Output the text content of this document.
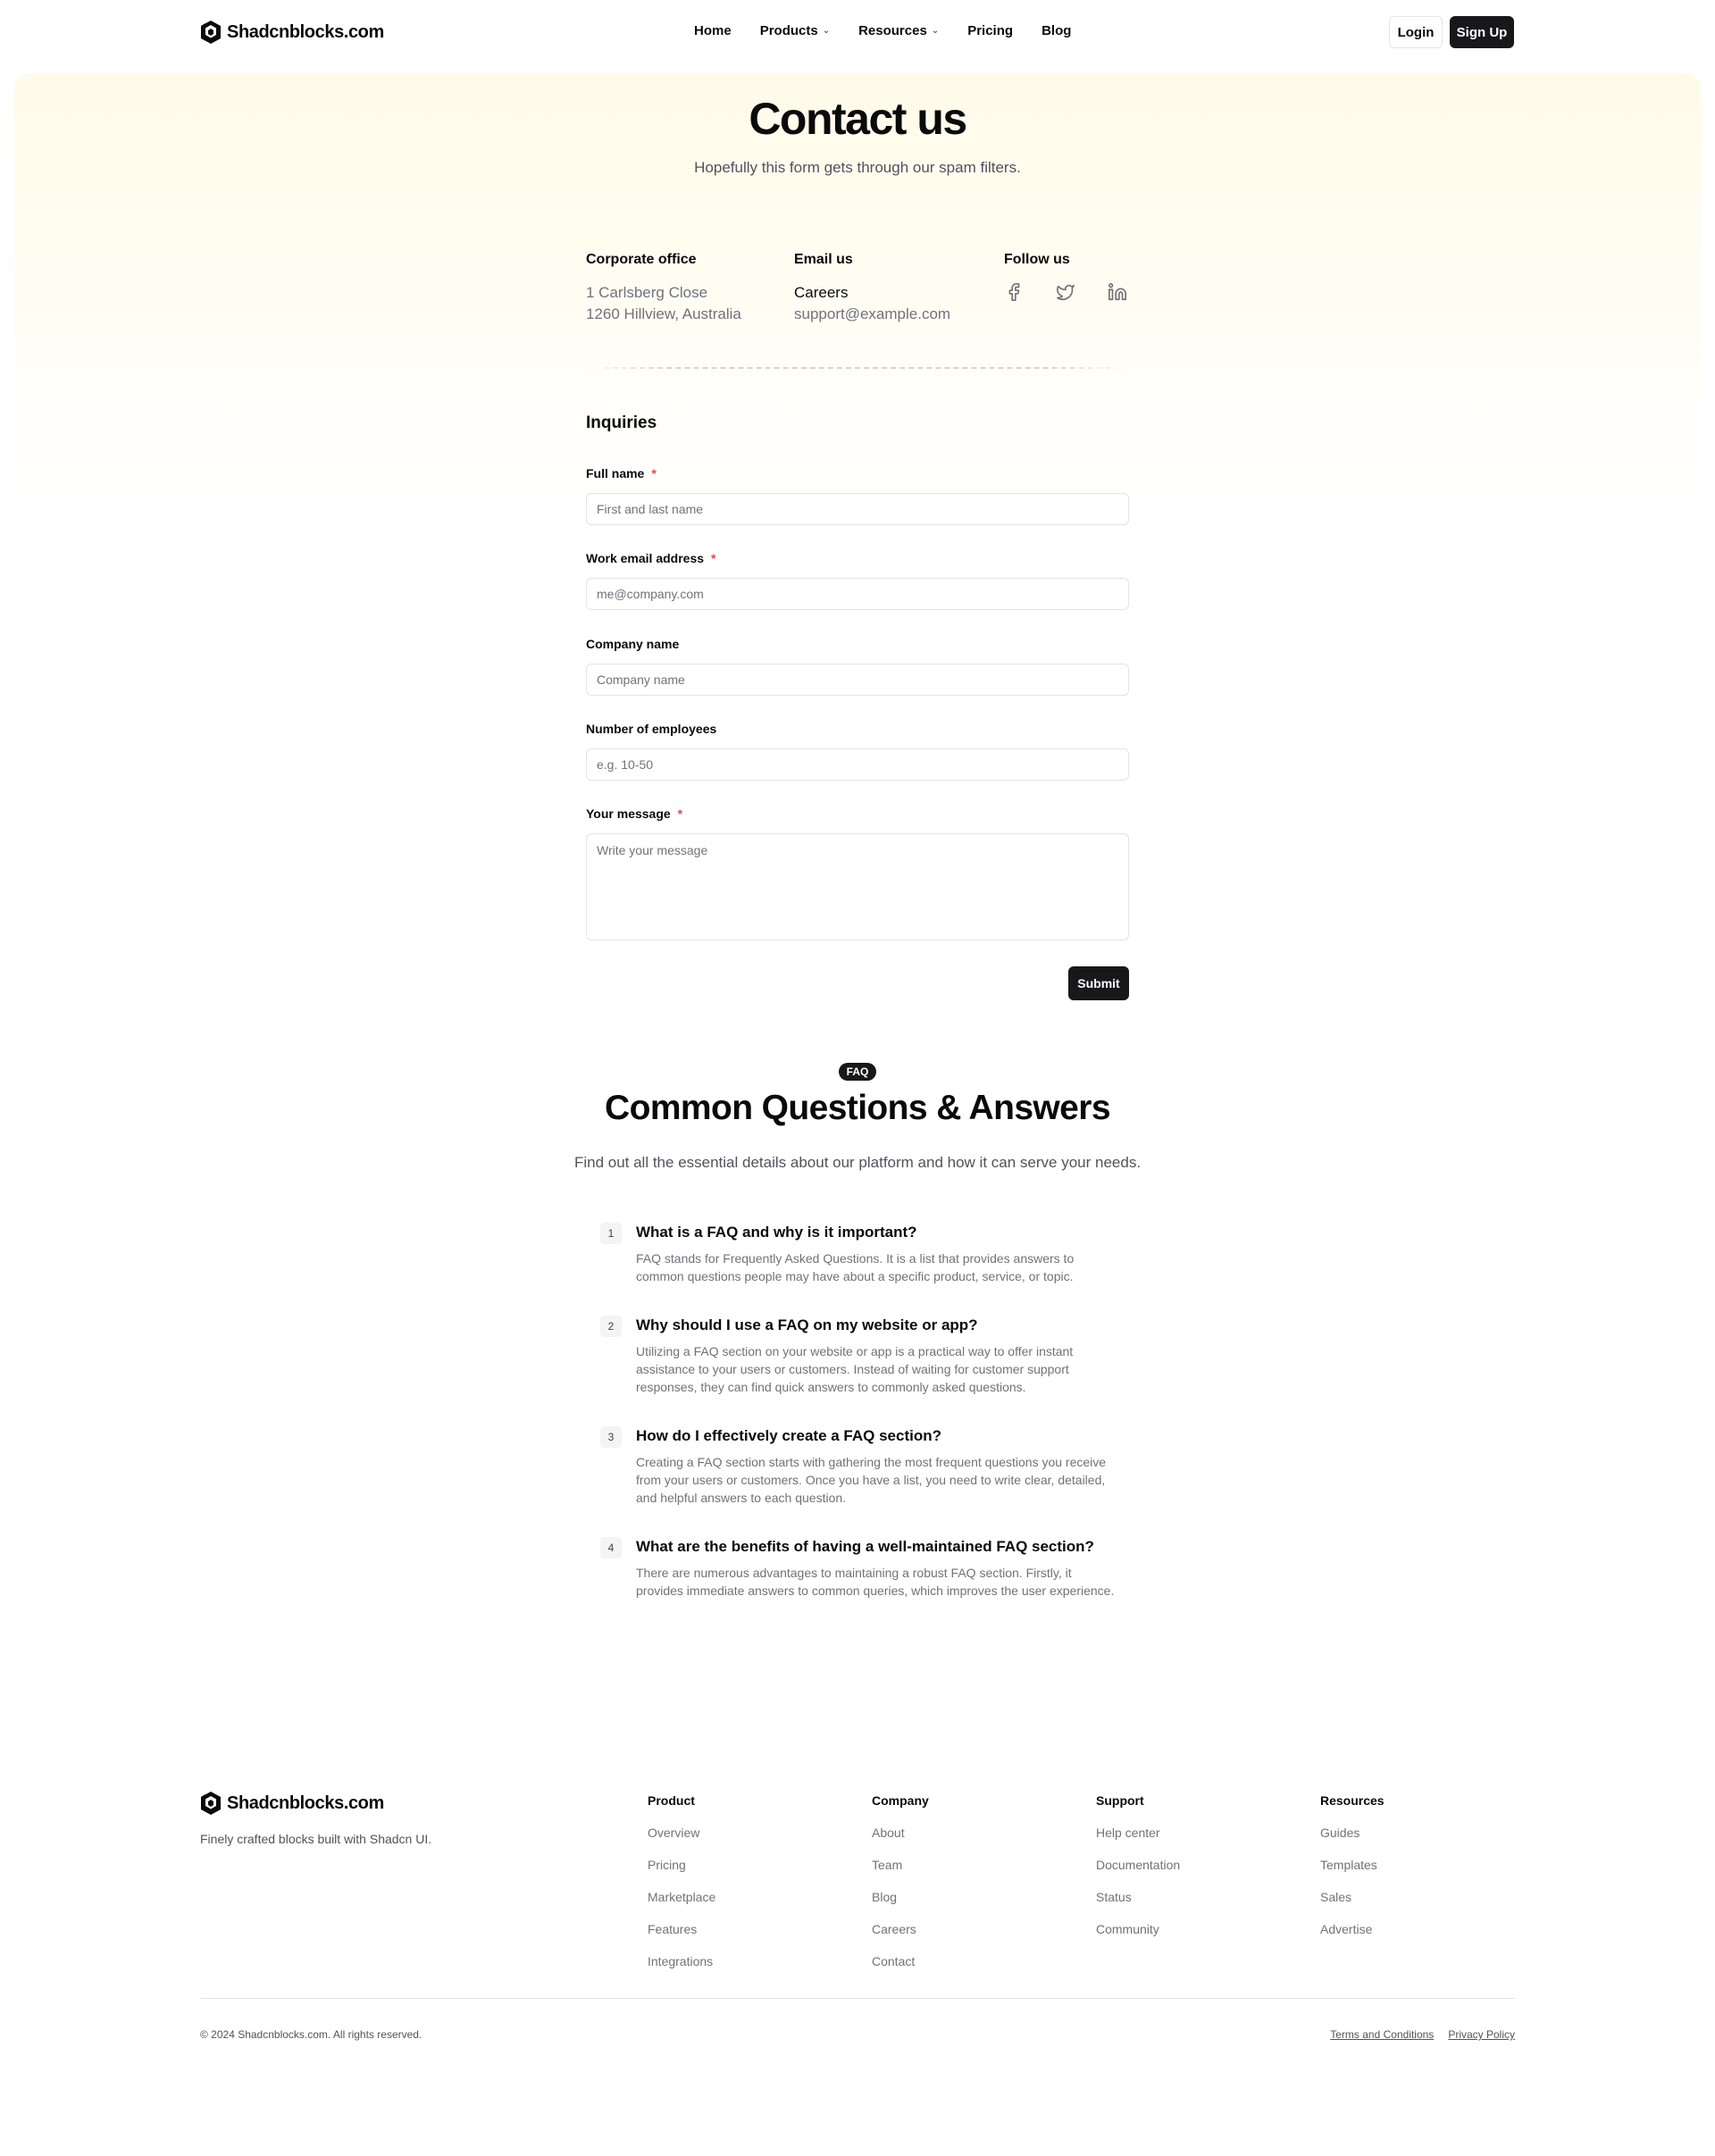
Shadcnblocks.com	Home Products ⌄ Resources ⌄ Pricing Blog	Login	Sign Up
Contact us

Hopefully this form gets through our spam filters.

Corporate office

1 Carlsberg Close

1260 Hillview, Australia

Email us

Careers

support@example.com

Follow us
Inquiries
Full name *
First and last name
Work email address *
me@company.com
Company name
Company name
Number of employees
e.g. 10-50
Your message *
Write your message
Submit
FAQ
Common Questions & Answers

Find out all the essential details about our platform and how it can serve your needs.

1	What is a FAQ and why is it important?
FAQ stands for Frequently Asked Questions. It is a list that provides answers to common questions people may have about a specific product, service, or topic.
2	Why should I use a FAQ on my website or app?
Utilizing a FAQ section on your website or app is a practical way to offer instant assistance to your users or customers. Instead of waiting for customer support responses, they can find quick answers to commonly asked questions.
3	How do I effectively create a FAQ section?
Creating a FAQ section starts with gathering the most frequent questions you receive from your users or customers. Once you have a list, you need to write clear, detailed, and helpful answers to each question.
4	What are the benefits of having a well-maintained FAQ section?
There are numerous advantages to maintaining a robust FAQ section. Firstly, it provides immediate answers to common queries, which improves the user experience.
Shadcnblocks.com

Finely crafted blocks built with Shadcn UI.

Product
Overview
Pricing
Marketplace
Features
Integrations
Company
About
Team
Blog
Careers
Contact
Support
Help center
Documentation
Status
Community
Resources
Guides
Templates
Sales
Advertise

© 2024 Shadcnblocks.com. All rights reserved.	Terms and Conditions Privacy Policy
